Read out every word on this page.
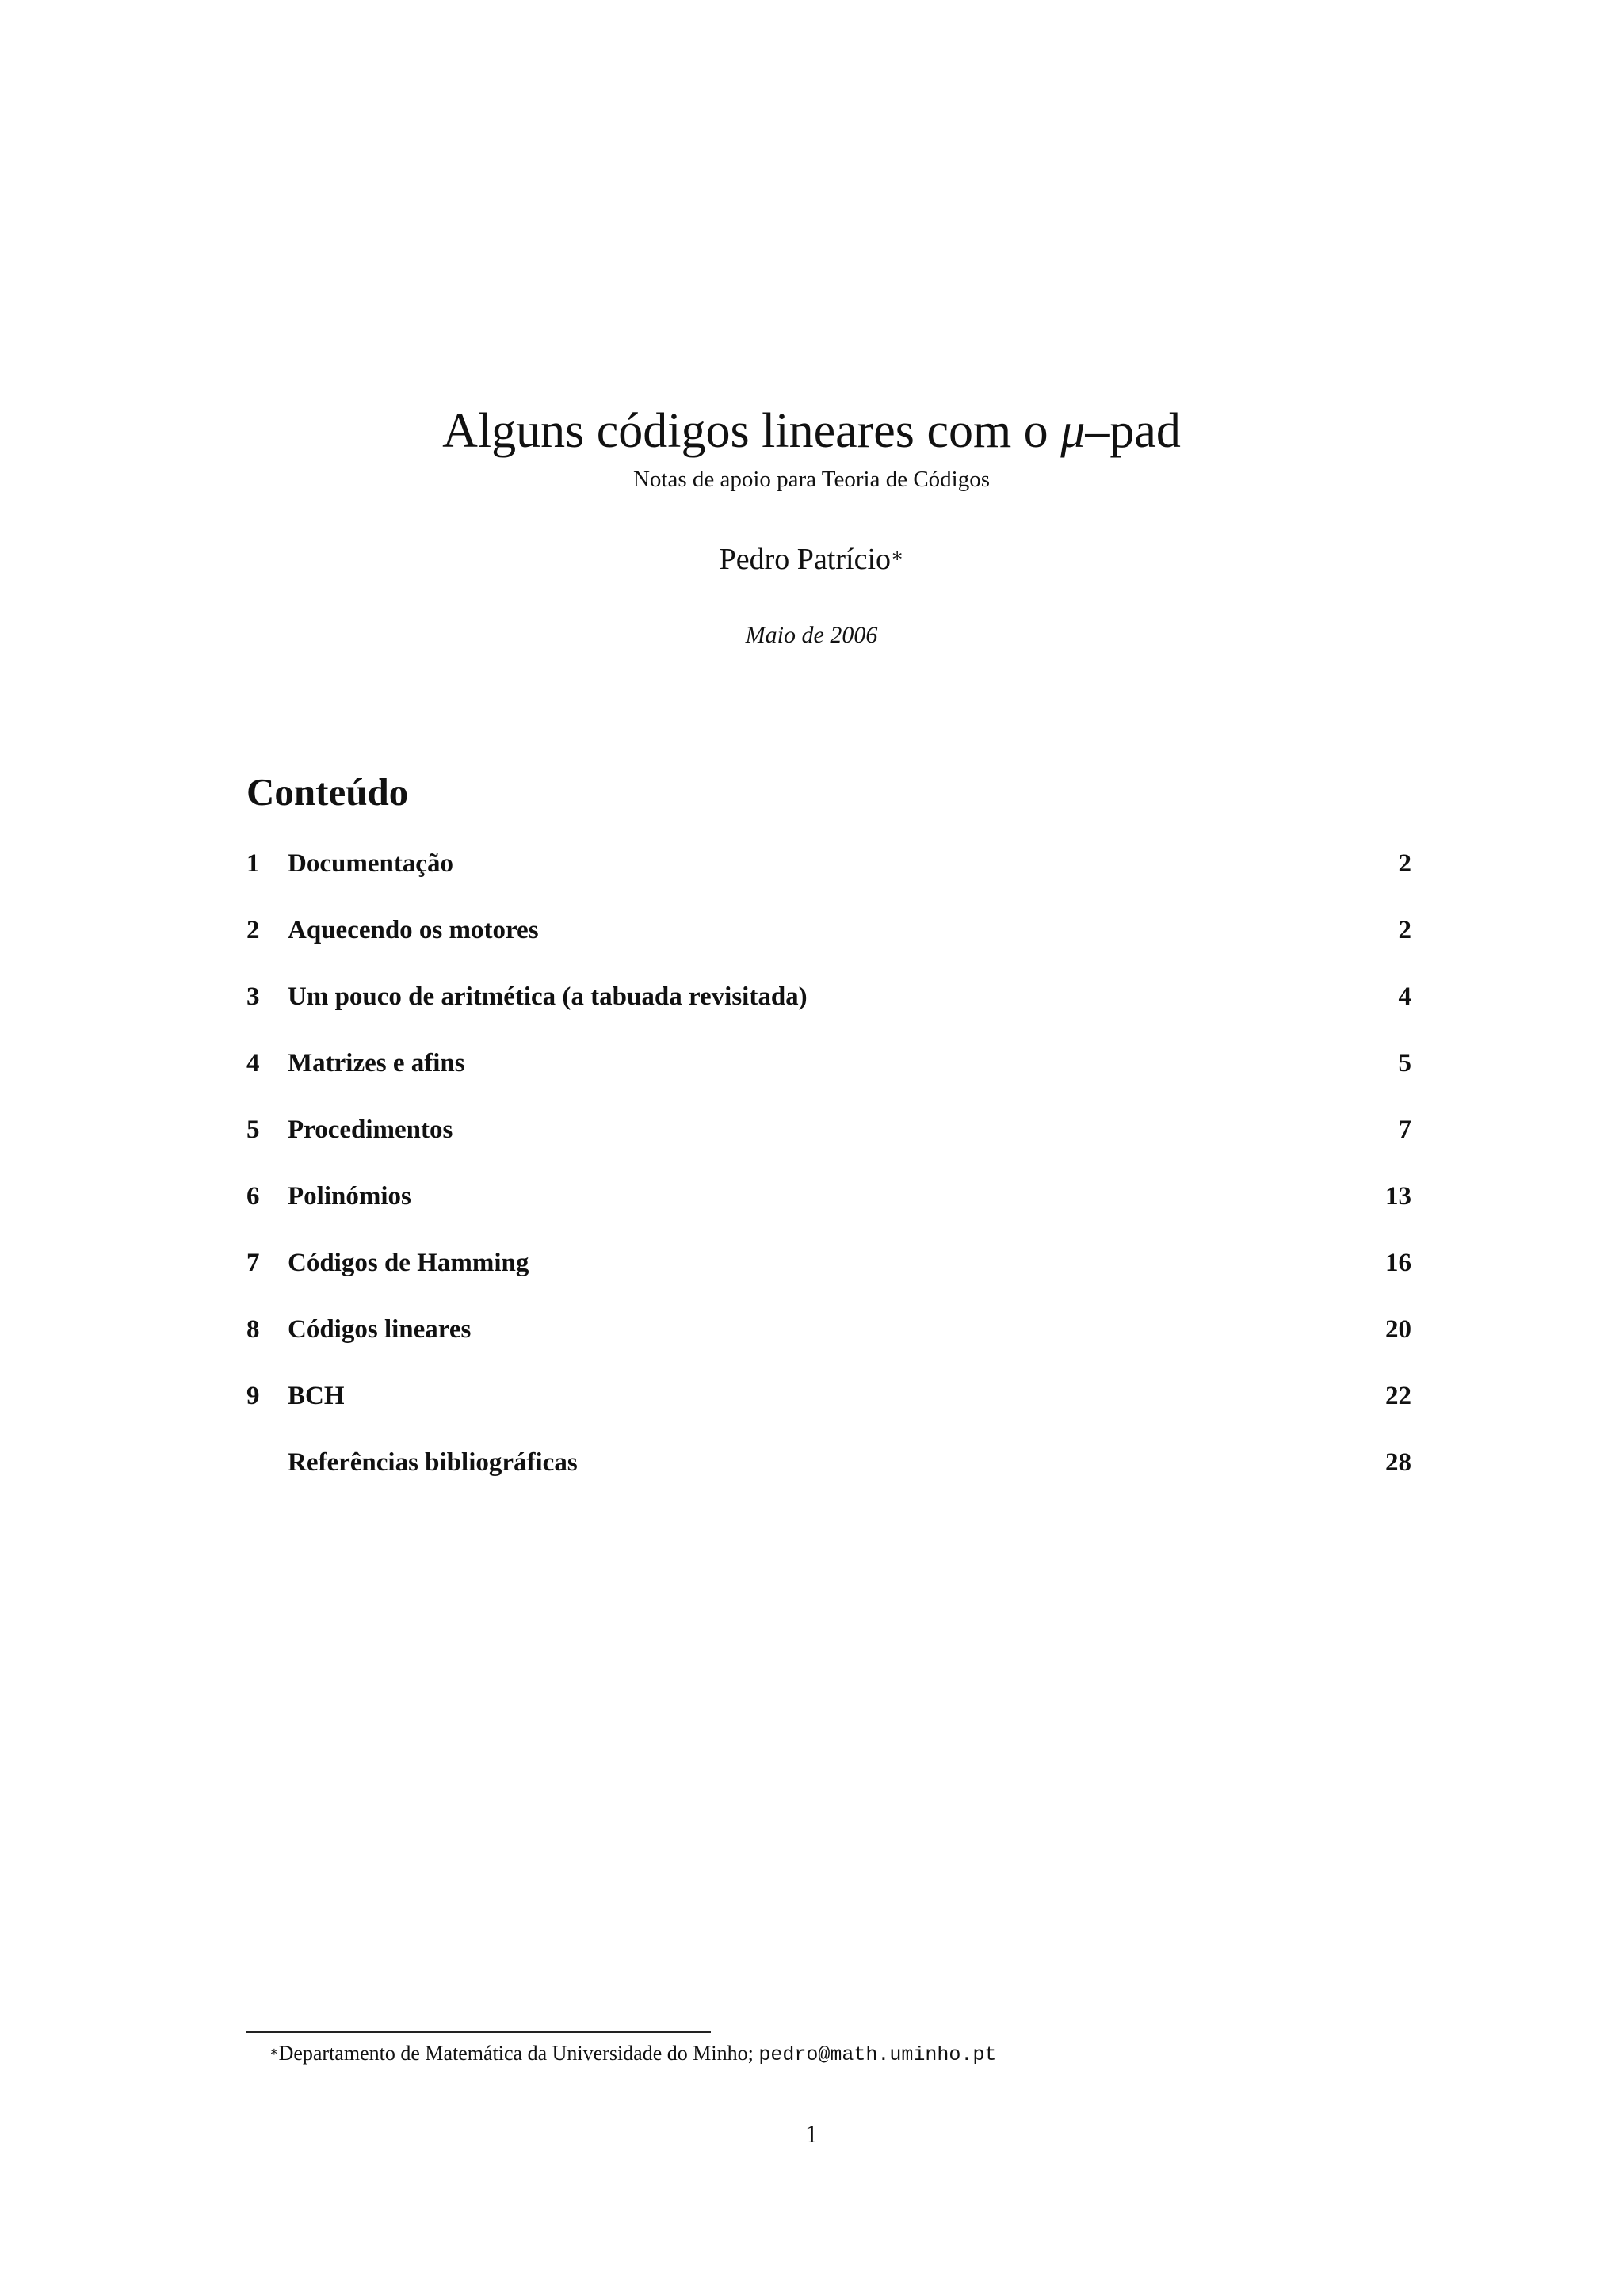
Alguns códigos lineares com o μ–pad
Notas de apoio para Teoria de Códigos
Pedro Patrício∗
Maio de 2006
Conteúdo
1 Documentação	2
2 Aquecendo os motores	2
3 Um pouco de aritmética (a tabuada revisitada)	4
4 Matrizes e afins	5
5 Procedimentos	7
6 Polinómios	13
7 Códigos de Hamming	16
8 Códigos lineares	20
9 BCH	22
Referências bibliográficas	28
∗Departamento de Matemática da Universidade do Minho; pedro@math.uminho.pt
1
